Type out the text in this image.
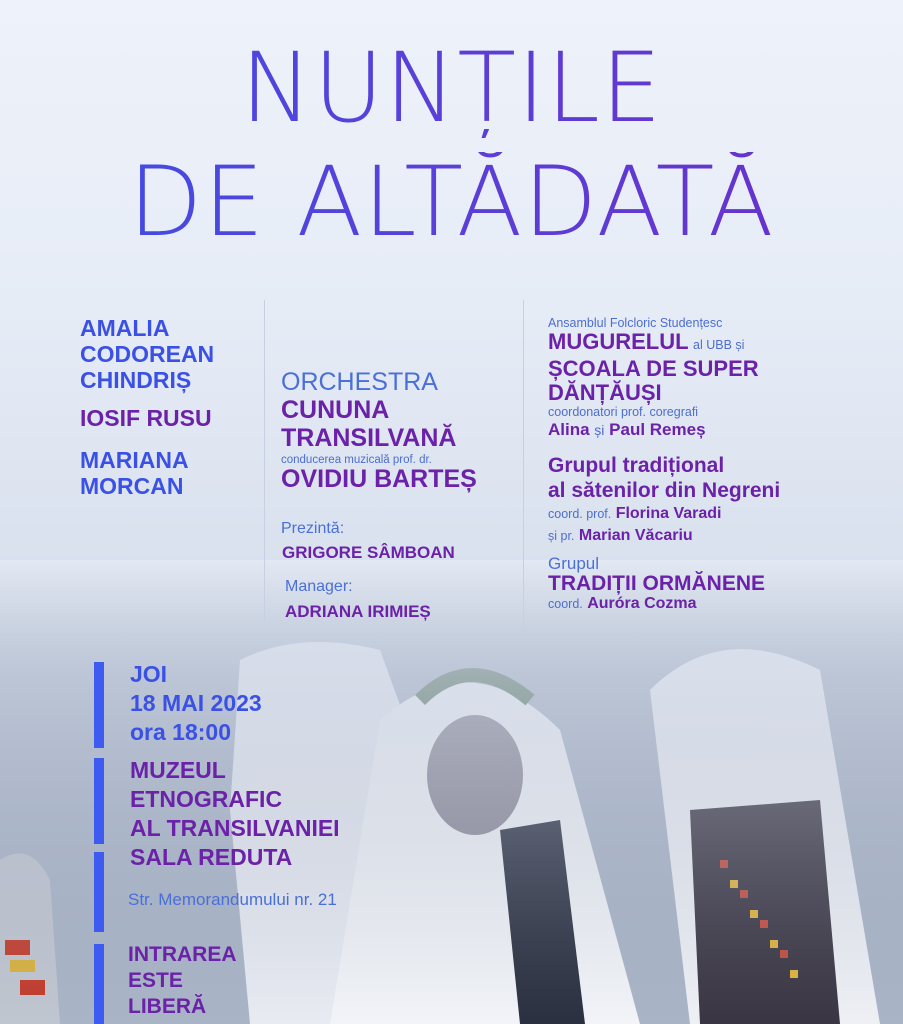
NUNȚILE
DE ALTĂDATĂ
AMALIA
CODOREAN
CHINDRIȘ
IOSIF RUSU
MARIANA
MORCAN
ORCHESTRA
CUNUNA
TRANSILVANĂ
conducerea muzicală prof. dr.
OVIDIU BARTEȘ
Prezintă:
GRIGORE SÂMBOAN
Manager:
ADRIANA IRIMIEȘ
Ansamblul Folcloric Studențesc
MUGURELUL al UBB și
ȘCOALA DE SUPER
DĂNȚĂUȘI
coordonatori prof. coregrafi
Alina și Paul Remeș
Grupul tradițional
al sătenilor din Negreni
coord. prof. Florina Varadi
și pr. Marian Văcariu
Grupul
TRADIȚII ORMĂNENE
coord. Auróra Cozma
JOI
18 MAI 2023
ora 18:00
MUZEUL
ETNOGRAFIC
AL TRANSILVANIEI
SALA REDUTA
Str. Memorandumului nr. 21
INTRAREA
ESTE
LIBERĂ
